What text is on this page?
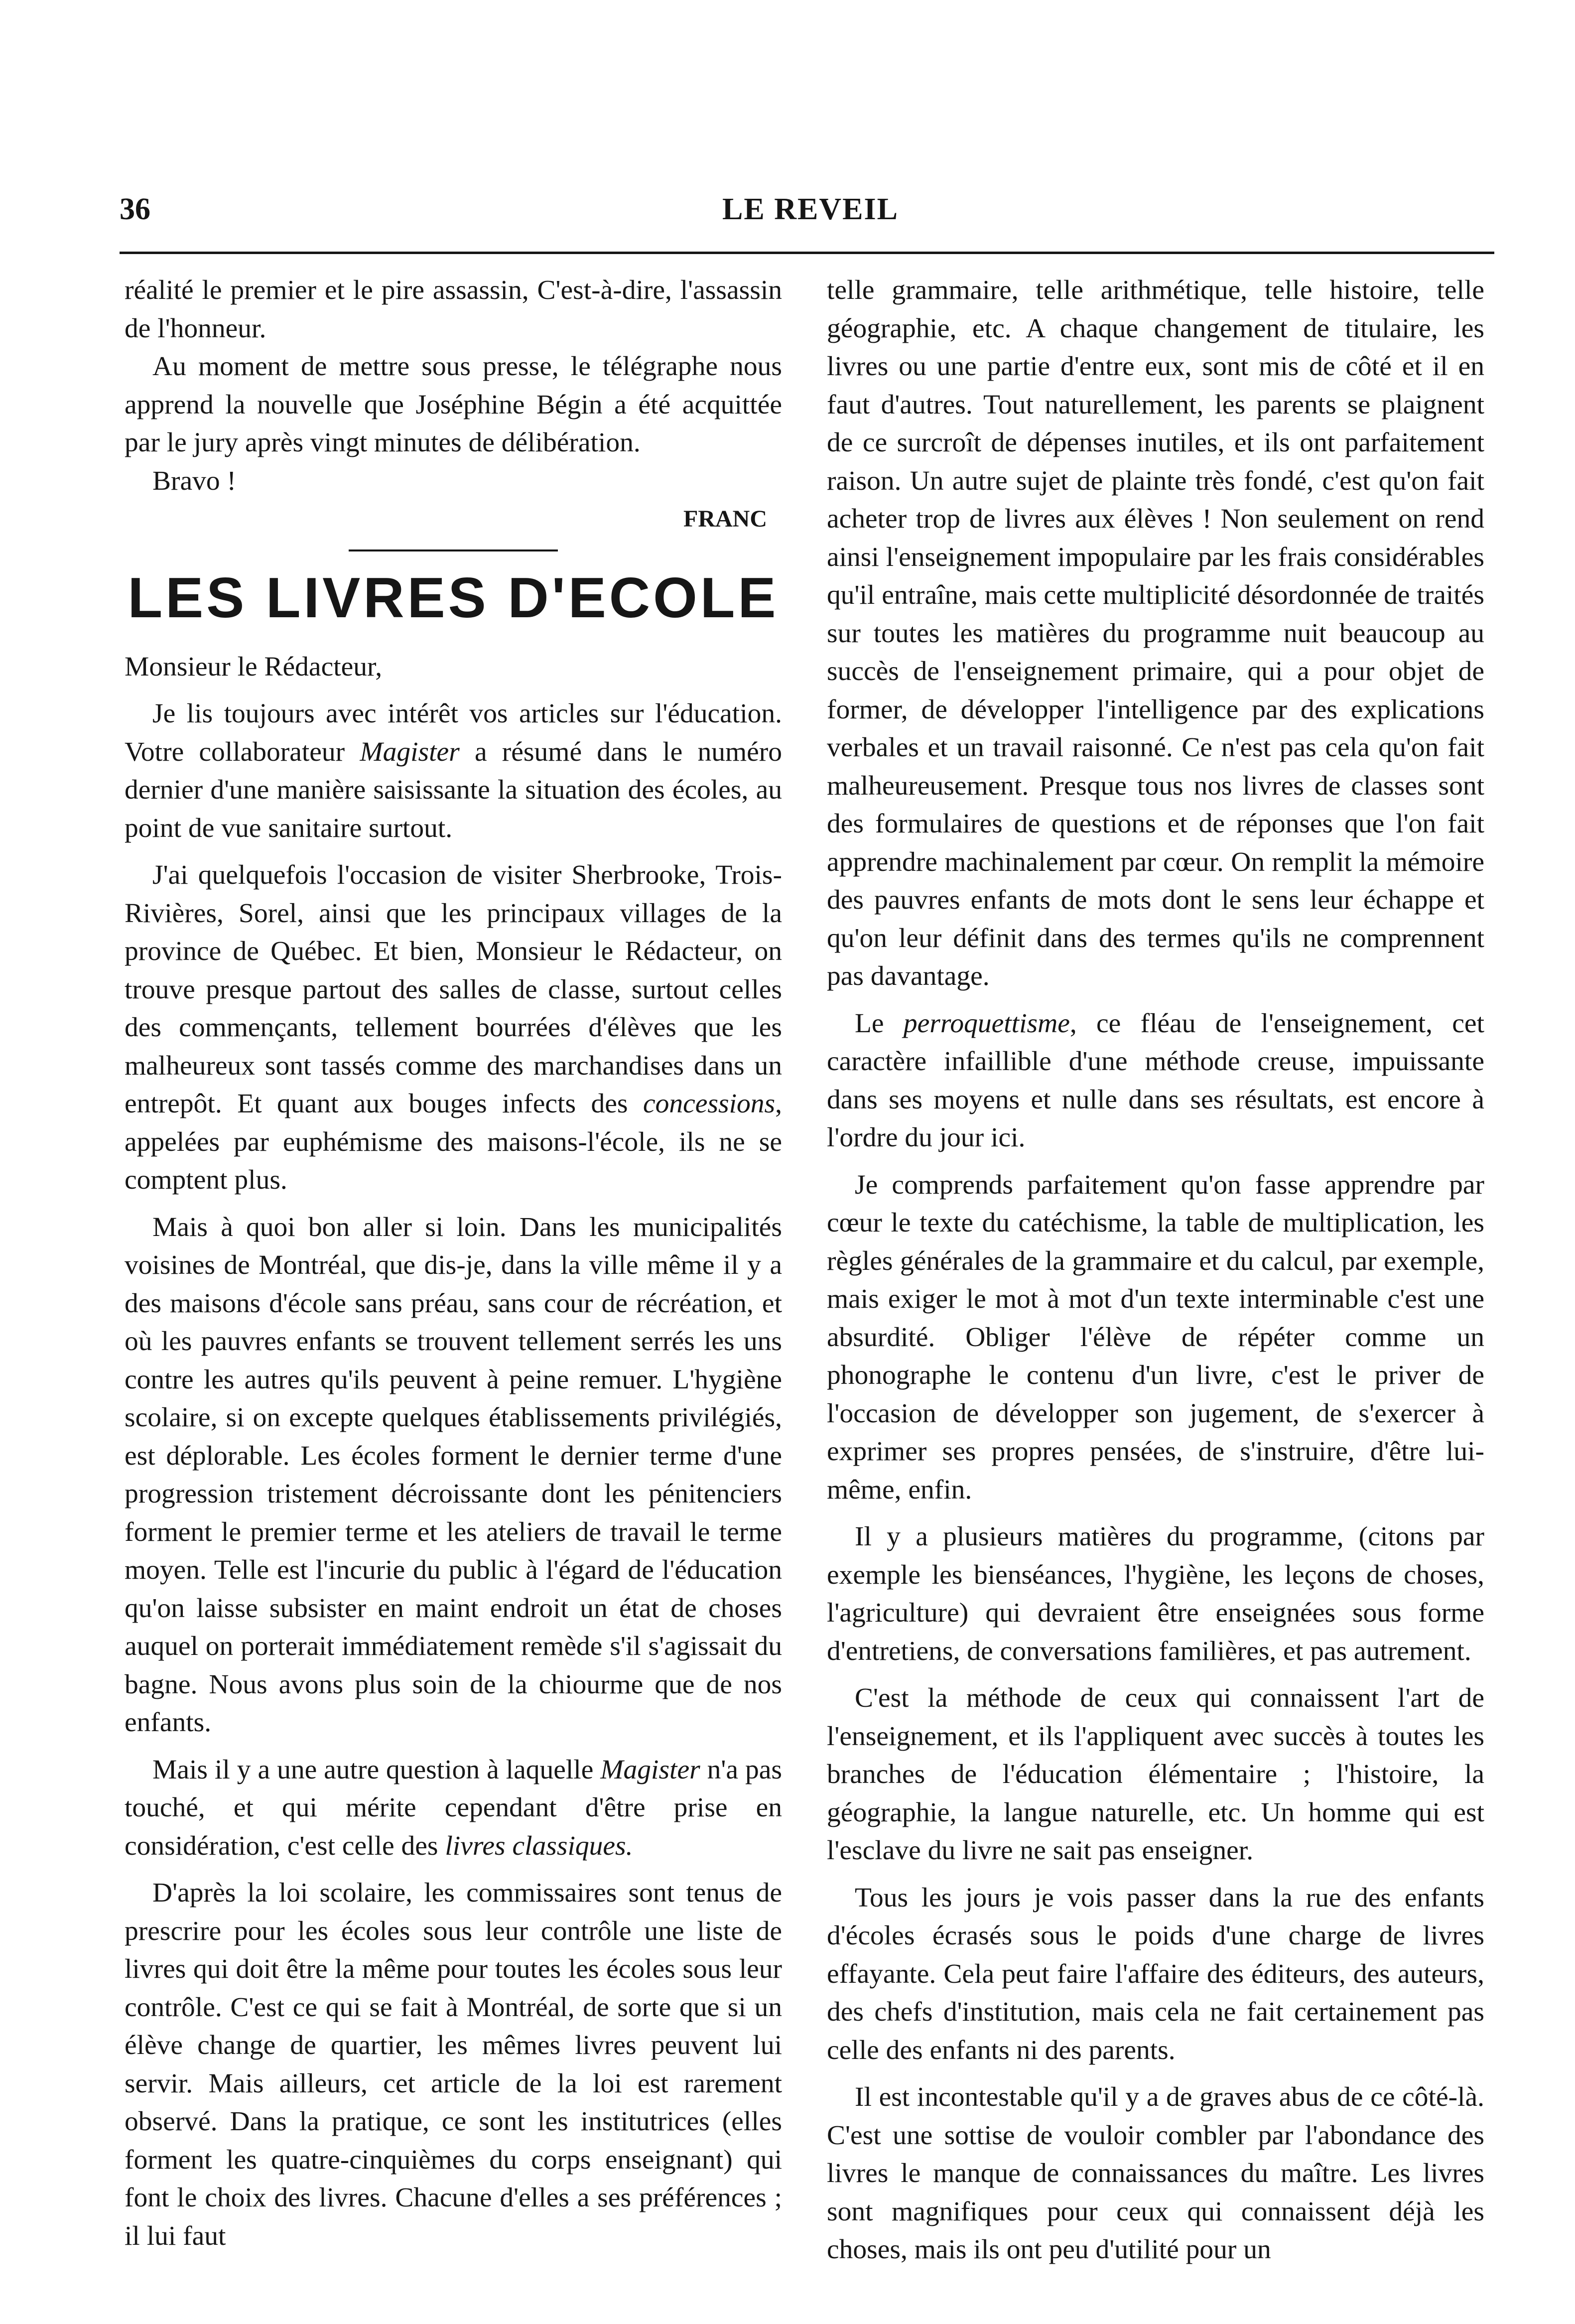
36	LE REVEIL

réalité le premier et le pire assassin, C'est-à-dire, l'assassin de l'honneur.

Au moment de mettre sous presse, le télégraphe nous apprend la nouvelle que Joséphine Bégin a été acquittée par le jury après vingt minutes de délibération.

Bravo !

FRANC

LES LIVRES D'ECOLE

Monsieur le Rédacteur,

Je lis toujours avec intérêt vos articles sur l'éducation. Votre collaborateur Magister a résumé dans le numéro dernier d'une manière saisissante la situation des écoles, au point de vue sanitaire surtout.

J'ai quelquefois l'occasion de visiter Sherbrooke, Trois-Rivières, Sorel, ainsi que les principaux villages de la province de Québec. Et bien, Monsieur le Rédacteur, on trouve presque partout des salles de classe, surtout celles des commençants, tellement bourrées d'élèves que les malheureux sont tassés comme des marchandises dans un entrepôt. Et quant aux bouges infects des concessions, appelées par euphémisme des maisons-l'école, ils ne se comptent plus.

Mais à quoi bon aller si loin. Dans les municipalités voisines de Montréal, que dis-je, dans la ville même il y a des maisons d'école sans préau, sans cour de récréation, et où les pauvres enfants se trouvent tellement serrés les uns contre les autres qu'ils peuvent à peine remuer. L'hygiène scolaire, si on excepte quelques établissements privilégiés, est déplorable. Les écoles forment le dernier terme d'une progression tristement décroissante dont les pénitenciers forment le premier terme et les ateliers de travail le terme moyen. Telle est l'incurie du public à l'égard de l'éducation qu'on laisse subsister en maint endroit un état de choses auquel on porterait immédiatement remède s'il s'agissait du bagne. Nous avons plus soin de la chiourme que de nos enfants.

Mais il y a une autre question à laquelle Magister n'a pas touché, et qui mérite cependant d'être prise en considération, c'est celle des livres classiques.

D'après la loi scolaire, les commissaires sont tenus de prescrire pour les écoles sous leur contrôle une liste de livres qui doit être la même pour toutes les écoles sous leur contrôle. C'est ce qui se fait à Montréal, de sorte que si un élève change de quartier, les mêmes livres peuvent lui servir. Mais ailleurs, cet article de la loi est rarement observé. Dans la pratique, ce sont les institutrices (elles forment les quatre-cinquièmes du corps enseignant) qui font le choix des livres. Chacune d'elles a ses préférences ; il lui faut

telle grammaire, telle arithmétique, telle histoire, telle géographie, etc. A chaque changement de titulaire, les livres ou une partie d'entre eux, sont mis de côté et il en faut d'autres. Tout naturellement, les parents se plaignent de ce surcroît de dépenses inutiles, et ils ont parfaitement raison. Un autre sujet de plainte très fondé, c'est qu'on fait acheter trop de livres aux élèves ! Non seulement on rend ainsi l'enseignement impopulaire par les frais considérables qu'il entraîne, mais cette multiplicité désordonnée de traités sur toutes les matières du programme nuit beaucoup au succès de l'enseignement primaire, qui a pour objet de former, de développer l'intelligence par des explications verbales et un travail raisonné. Ce n'est pas cela qu'on fait malheureusement. Presque tous nos livres de classes sont des formulaires de questions et de réponses que l'on fait apprendre machinalement par cœur. On remplit la mémoire des pauvres enfants de mots dont le sens leur échappe et qu'on leur définit dans des termes qu'ils ne comprennent pas davantage.

Le perroquettisme, ce fléau de l'enseignement, cet caractère infaillible d'une méthode creuse, impuissante dans ses moyens et nulle dans ses résultats, est encore à l'ordre du jour ici.

Je comprends parfaitement qu'on fasse apprendre par cœur le texte du catéchisme, la table de multiplication, les règles générales de la grammaire et du calcul, par exemple, mais exiger le mot à mot d'un texte interminable c'est une absurdité. Obliger l'élève de répéter comme un phonographe le contenu d'un livre, c'est le priver de l'occasion de développer son jugement, de s'exercer à exprimer ses propres pensées, de s'instruire, d'être lui-même, enfin.

Il y a plusieurs matières du programme, (citons par exemple les bienséances, l'hygiène, les leçons de choses, l'agriculture) qui devraient être enseignées sous forme d'entretiens, de conversations familières, et pas autrement.

C'est la méthode de ceux qui connaissent l'art de l'enseignement, et ils l'appliquent avec succès à toutes les branches de l'éducation élémentaire ; l'histoire, la géographie, la langue naturelle, etc. Un homme qui est l'esclave du livre ne sait pas enseigner.

Tous les jours je vois passer dans la rue des enfants d'écoles écrasés sous le poids d'une charge de livres effayante. Cela peut faire l'affaire des éditeurs, des auteurs, des chefs d'institution, mais cela ne fait certainement pas celle des enfants ni des parents.

Il est incontestable qu'il y a de graves abus de ce côté-là. C'est une sottise de vouloir combler par l'abondance des livres le manque de connaissances du maître. Les livres sont magnifiques pour ceux qui connaissent déjà les choses, mais ils ont peu d'utilité pour un
